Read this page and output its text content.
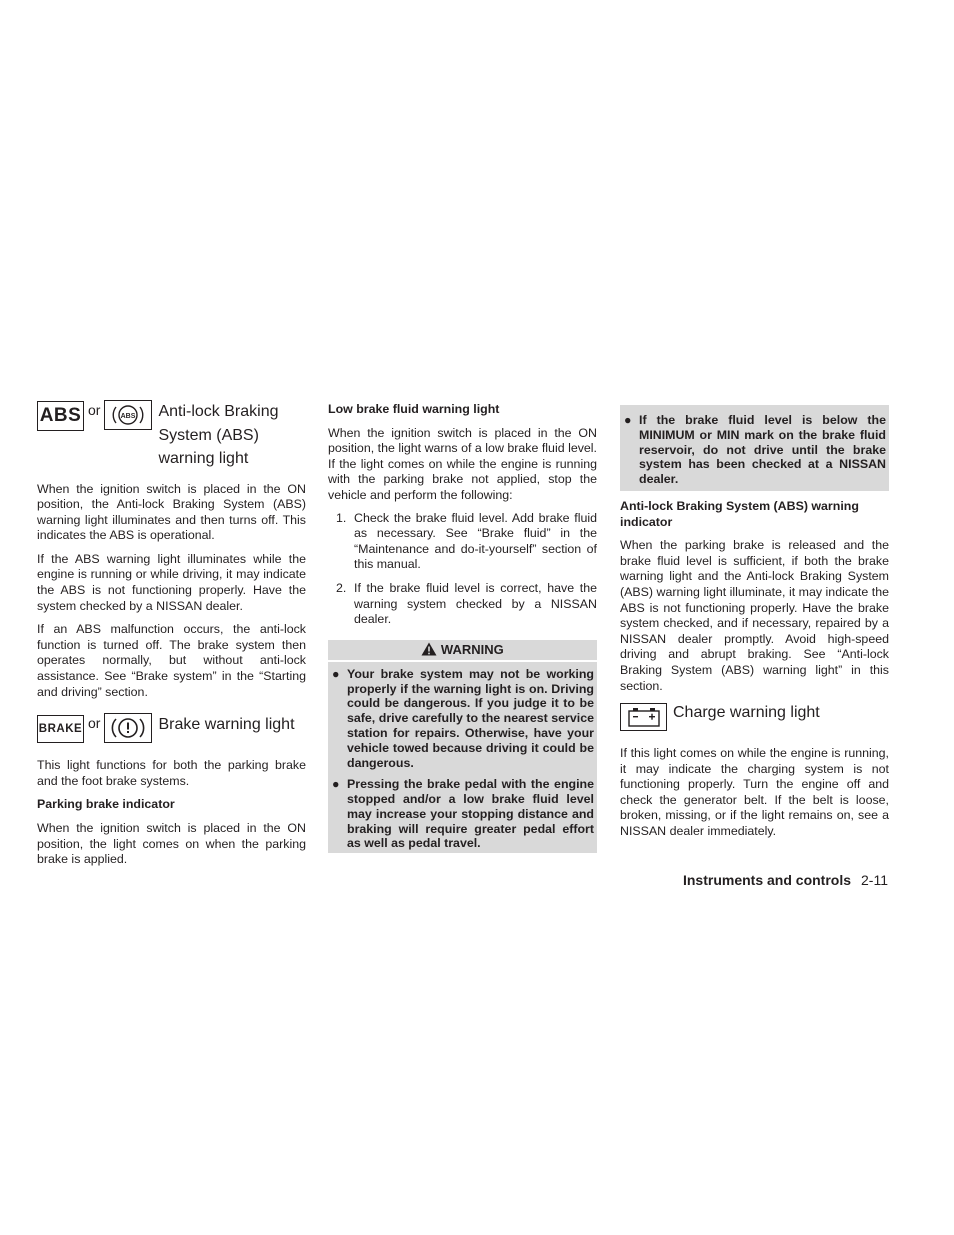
ABS or	ABS Anti-lock Braking
System (ABS)
warning light

When the ignition switch is placed in the ON position, the Anti-lock Braking System (ABS) warning light illuminates and then turns off. This indicates the ABS is operational.

If the ABS warning light illuminates while the engine is running or while driving, it may indicate the ABS is not functioning properly. Have the system checked by a NISSAN dealer.

If an ABS malfunction occurs, the anti-lock function is turned off. The brake system then operates normally, but without anti-lock assistance. See “Brake system” in the “Starting and driving” section.

BRAKE or	Brake warning light

This light functions for both the parking brake and the foot brake systems.

Parking brake indicator

When the ignition switch is placed in the ON position, the light comes on when the parking brake is applied.

Low brake fluid warning light

When the ignition switch is placed in the ON position, the light warns of a low brake fluid level. If the light comes on while the engine is running with the parking brake not applied, stop the vehicle and perform the following:

1. Check the brake fluid level. Add brake fluid as necessary. See “Brake fluid” in the “Maintenance and do-it-yourself” section of this manual.
2. If the brake fluid level is correct, have the warning system checked by a NISSAN dealer.
WARNING
● Your brake system may not be working properly if the warning light is on. Driving could be dangerous. If you judge it to be safe, drive carefully to the nearest service station for repairs. Otherwise, have your vehicle towed because driving it could be dangerous.
● Pressing the brake pedal with the engine stopped and/or a low brake fluid level may increase your stopping distance and braking will require greater pedal effort as well as pedal travel.
● If the brake fluid level is below the MINIMUM or MIN mark on the brake fluid reservoir, do not drive until the brake system has been checked at a NISSAN dealer.
Anti-lock Braking System (ABS) warning indicator

When the parking brake is released and the brake fluid level is sufficient, if both the brake warning light and the Anti-lock Braking System (ABS) warning light illuminate, it may indicate the ABS is not functioning properly. Have the brake system checked, and if necessary, repaired by a NISSAN dealer promptly. Avoid high-speed driving and abrupt braking. See “Anti-lock Braking System (ABS) warning light” in this section.

Charge warning light

If this light comes on while the engine is running, it may indicate the charging system is not functioning properly. Turn the engine off and check the generator belt. If the belt is loose, broken, missing, or if the light remains on, see a NISSAN dealer immediately.

Instruments and controls 2-11
